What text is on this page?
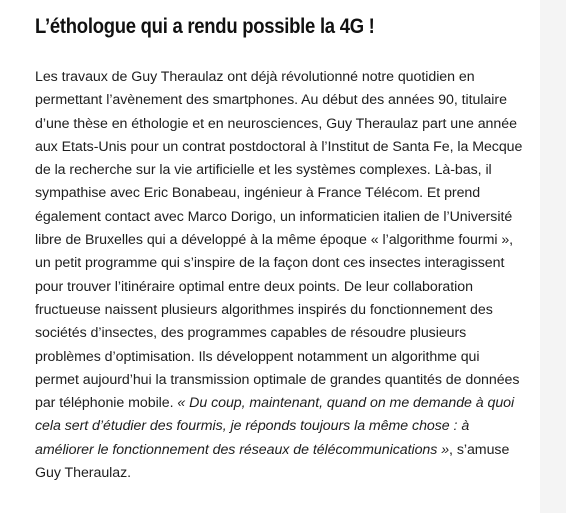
L’éthologue qui a rendu possible la 4G !

Les travaux de Guy Theraulaz ont déjà révolutionné notre quotidien en permettant l’avènement des smartphones. Au début des années 90, titulaire d’une thèse en éthologie et en neurosciences, Guy Theraulaz part une année aux Etats-Unis pour un contrat postdoctoral à l’Institut de Santa Fe, la Mecque de la recherche sur la vie artificielle et les systèmes complexes. Là-bas, il sympathise avec Eric Bonabeau, ingénieur à France Télécom. Et prend également contact avec Marco Dorigo, un informaticien italien de l’Université libre de Bruxelles qui a développé à la même époque « l’algorithme fourmi », un petit programme qui s’inspire de la façon dont ces insectes interagissent pour trouver l’itinéraire optimal entre deux points. De leur collaboration fructueuse naissent plusieurs algorithmes inspirés du fonctionnement des sociétés d’insectes, des programmes capables de résoudre plusieurs problèmes d’optimisation. Ils développent notamment un algorithme qui permet aujourd’hui la transmission optimale de grandes quantités de données par téléphonie mobile. « Du coup, maintenant, quand on me demande à quoi cela sert d’étudier des fourmis, je réponds toujours la même chose : à améliorer le fonctionnement des réseaux de télécommunications », s’amuse Guy Theraulaz.
